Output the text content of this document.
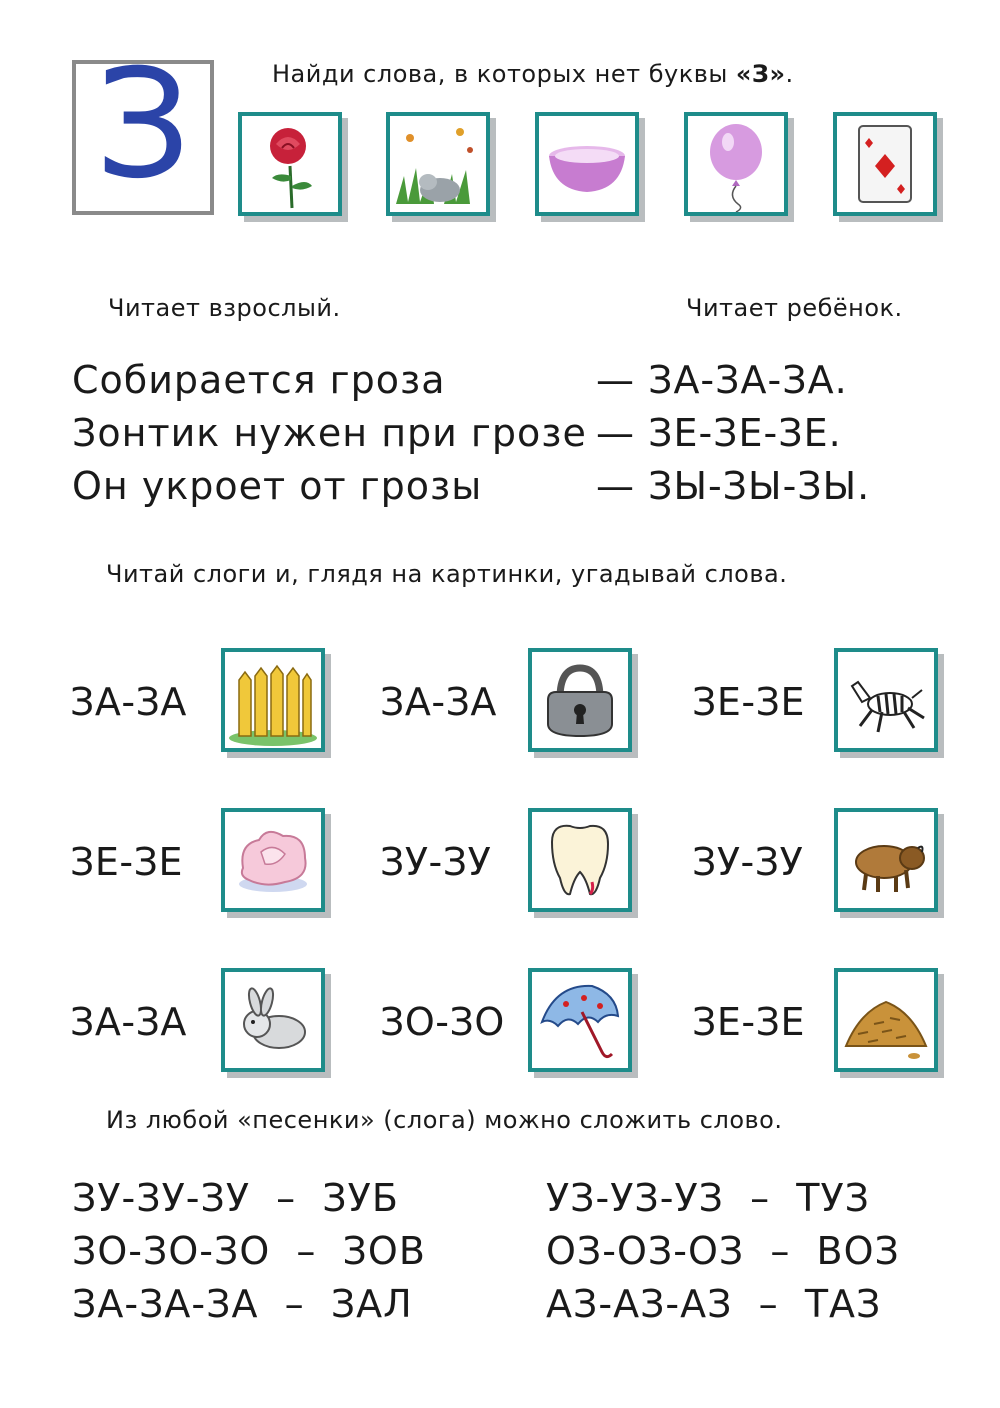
З	Найди слова, в которых нет буквы «З».
Читает взрослый.	Читает ребёнок.
Собирается гроза	— ЗА-ЗА-ЗА.
Зонтик нужен при грозе — ЗЕ-ЗЕ-ЗЕ.
Он укроет от грозы	— ЗЫ-ЗЫ-ЗЫ.
Читай слоги и, глядя на картинки, угадывай слова.
ЗА-ЗА	ЗА-ЗА	ЗЕ-ЗЕ
ЗЕ-ЗЕ	ЗУ-ЗУ	ЗУ-ЗУ
ЗА-ЗА	ЗО-ЗО	ЗЕ-ЗЕ
Из любой «песенки» (слога) можно сложить слово.
ЗУ-ЗУ-ЗУ  –  ЗУБ
ЗО-ЗО-ЗО  –  ЗОВ
ЗА-ЗА-ЗА  –  ЗАЛ
УЗ-УЗ-УЗ  –  ТУЗ
ОЗ-ОЗ-ОЗ  –  ВОЗ
АЗ-АЗ-АЗ  –  ТАЗ
